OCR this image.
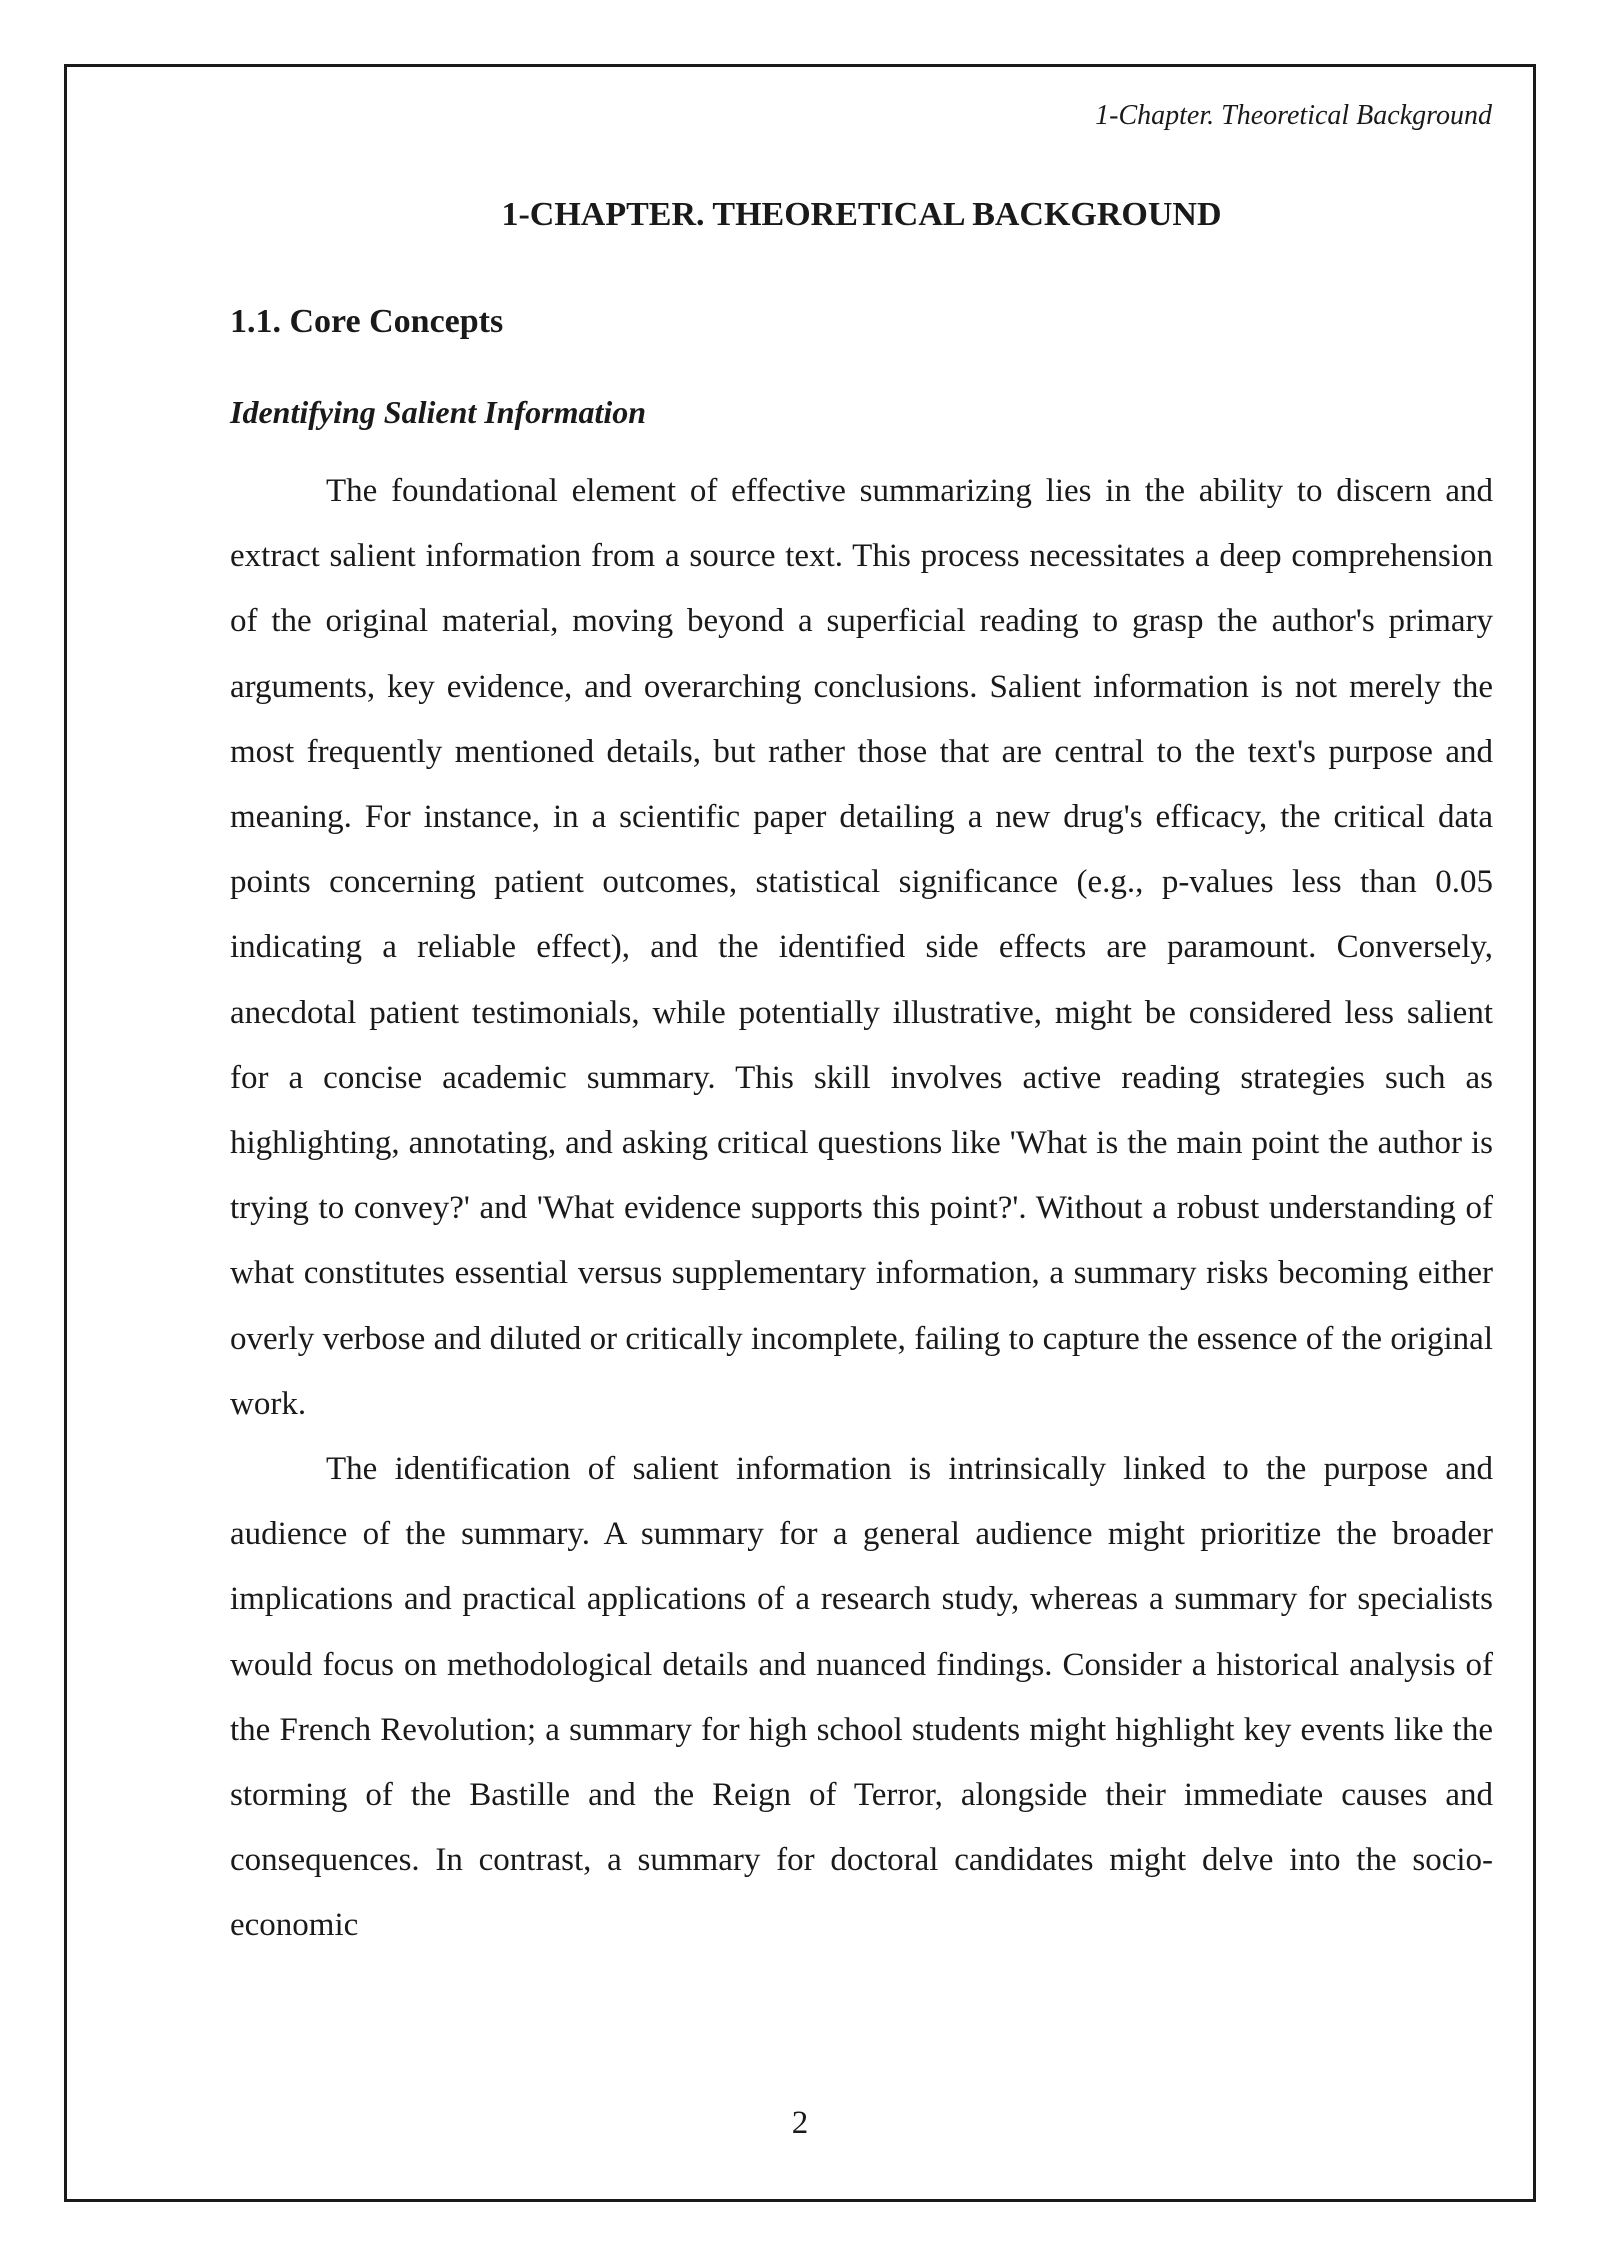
1-Chapter. Theoretical Background
1-CHAPTER. THEORETICAL BACKGROUND
1.1. Core Concepts
Identifying Salient Information

The foundational element of effective summarizing lies in the ability to discern and extract salient information from a source text. This process necessitates a deep comprehension of the original material, moving beyond a superficial reading to grasp the author's primary arguments, key evidence, and overarching conclusions. Salient information is not merely the most frequently mentioned details, but rather those that are central to the text's purpose and meaning. For instance, in a scientific paper detailing a new drug's efficacy, the critical data points concerning patient outcomes, statistical significance (e.g., p-values less than 0.05 indicating a reliable effect), and the identified side effects are paramount. Conversely, anecdotal patient testimonials, while potentially illustrative, might be considered less salient for a concise academic summary. This skill involves active reading strategies such as highlighting, annotating, and asking critical questions like 'What is the main point the author is trying to convey?' and 'What evidence supports this point?'. Without a robust understanding of what constitutes essential versus supplementary information, a summary risks becoming either overly verbose and diluted or critically incomplete, failing to capture the essence of the original work.

The identification of salient information is intrinsically linked to the purpose and audience of the summary. A summary for a general audience might prioritize the broader implications and practical applications of a research study, whereas a summary for specialists would focus on methodological details and nuanced findings. Consider a historical analysis of the French Revolution; a summary for high school students might highlight key events like the storming of the Bastille and the Reign of Terror, alongside their immediate causes and consequences. In contrast, a summary for doctoral candidates might delve into the socio-economic

2
